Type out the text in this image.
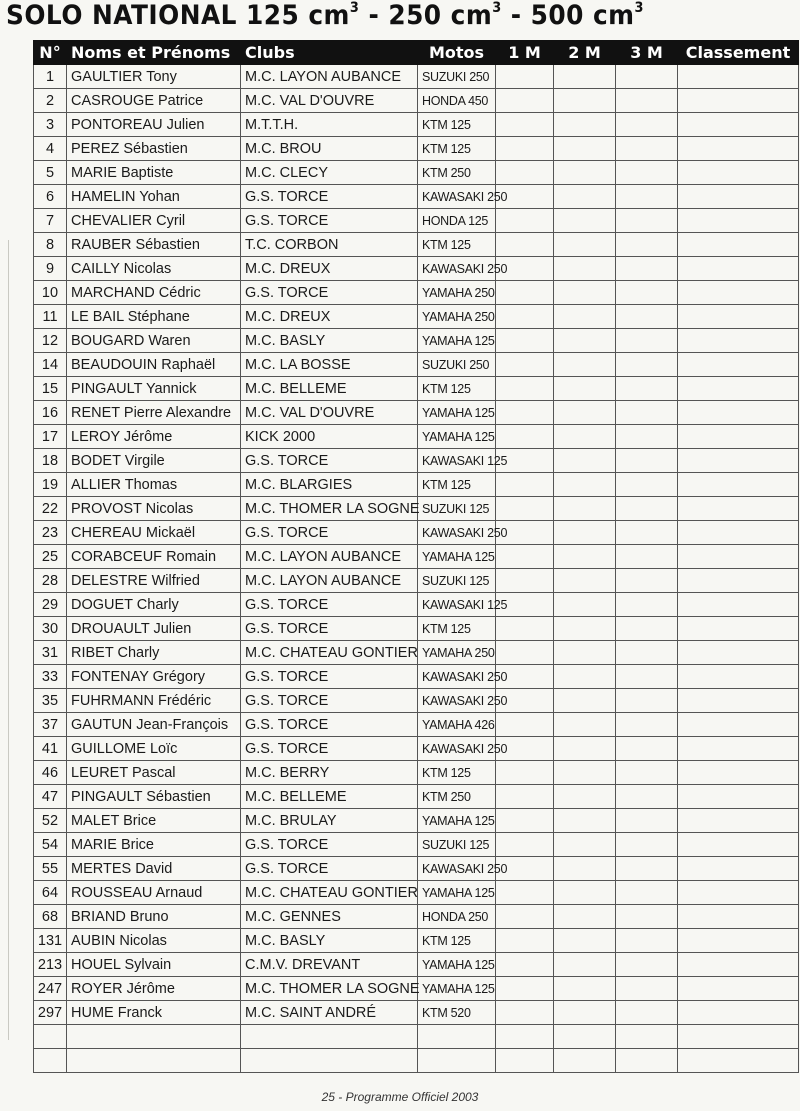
SOLO NATIONAL 125 $cm^3 - 250$ $cm^3 - 500$ $cm^3$
N°	Noms et Prénoms	Clubs	Motos	1 M	2 M	3 M	Classement
1	GAULTIER Tony	M.C. LAYON AUBANCE	SUZUKI 250				
2	CASROUGE Patrice	M.C. VAL D'OUVRE	HONDA 450				
3	PONTOREAU Julien	M.T.T.H.	KTM 125				
4	PEREZ Sébastien	M.C. BROU	KTM 125				
5	MARIE Baptiste	M.C. CLECY	KTM 250				
6	HAMELIN Yohan	G.S. TORCE	KAWASAKI 250				
7	CHEVALIER Cyril	G.S. TORCE	HONDA 125				
8	RAUBER Sébastien	T.C. CORBON	KTM 125				
9	CAILLY Nicolas	M.C. DREUX	KAWASAKI 250				
10	MARCHAND Cédric	G.S. TORCE	YAMAHA 250				
11	LE BAIL Stéphane	M.C. DREUX	YAMAHA 250				
12	BOUGARD Waren	M.C. BASLY	YAMAHA 125				
14	BEAUDOUIN Raphaël	M.C. LA BOSSE	SUZUKI 250				
15	PINGAULT Yannick	M.C. BELLEME	KTM 125				
16	RENET Pierre Alexandre	M.C. VAL D'OUVRE	YAMAHA 125				
17	LEROY Jérôme	KICK 2000	YAMAHA 125				
18	BODET Virgile	G.S. TORCE	KAWASAKI 125				
19	ALLIER Thomas	M.C. BLARGIES	KTM 125				
22	PROVOST Nicolas	M.C. THOMER LA SOGNE	SUZUKI 125				
23	CHEREAU Mickaël	G.S. TORCE	KAWASAKI 250				
25	CORABCEUF Romain	M.C. LAYON AUBANCE	YAMAHA 125				
28	DELESTRE Wilfried	M.C. LAYON AUBANCE	SUZUKI 125				
29	DOGUET Charly	G.S. TORCE	KAWASAKI 125				
30	DROUAULT Julien	G.S. TORCE	KTM 125				
31	RIBET Charly	M.C. CHATEAU GONTIER	YAMAHA 250				
33	FONTENAY Grégory	G.S. TORCE	KAWASAKI 250				
35	FUHRMANN Frédéric	G.S. TORCE	KAWASAKI 250				
37	GAUTUN Jean-François	G.S. TORCE	YAMAHA 426				
41	GUILLOME Loïc	G.S. TORCE	KAWASAKI 250				
46	LEURET Pascal	M.C. BERRY	KTM 125				
47	PINGAULT Sébastien	M.C. BELLEME	KTM 250				
52	MALET Brice	M.C. BRULAY	YAMAHA 125				
54	MARIE Brice	G.S. TORCE	SUZUKI 125				
55	MERTES David	G.S. TORCE	KAWASAKI 250				
64	ROUSSEAU Arnaud	M.C. CHATEAU GONTIER	YAMAHA 125				
68	BRIAND Bruno	M.C. GENNES	HONDA 250				
131	AUBIN Nicolas	M.C. BASLY	KTM 125				
213	HOUEL Sylvain	C.M.V. DREVANT	YAMAHA 125				
247	ROYER Jérôme	M.C. THOMER LA SOGNE	YAMAHA 125				
297	HUME Franck	M.C. SAINT ANDRÉ	KTM 520				

25 - Programme Officiel 2003
